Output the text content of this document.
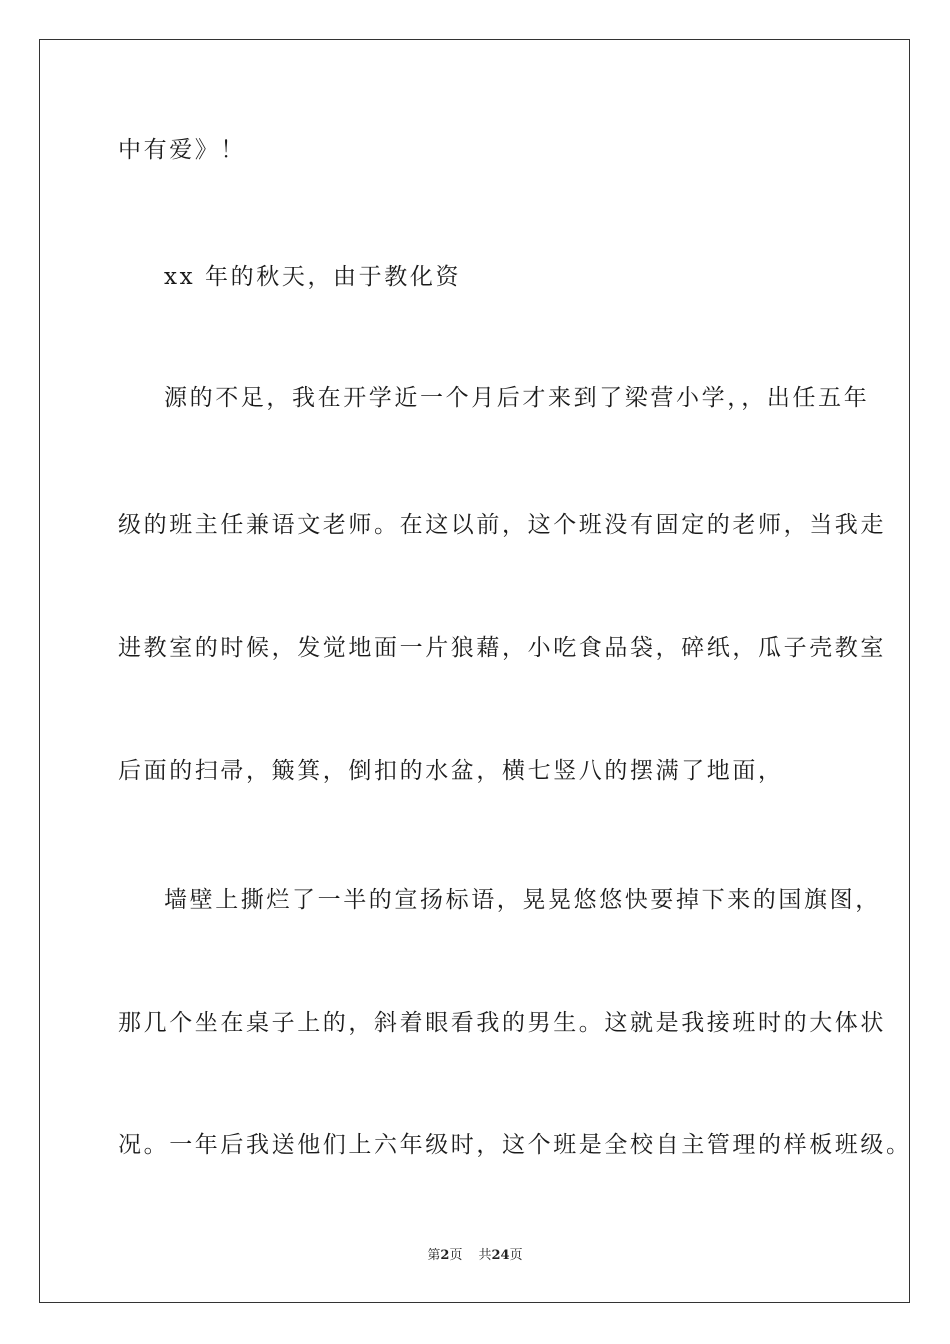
中有爱》！
xx 年的秋天，由于教化资
源的不足，我在开学近一个月后才来到了梁营小学，，出任五年
级的班主任兼语文老师。在这以前，这个班没有固定的老师，当我走
进教室的时候，发觉地面一片狼藉，小吃食品袋，碎纸，瓜子壳教室
后面的扫帚，簸箕，倒扣的水盆，横七竖八的摆满了地面，
墙壁上撕烂了一半的宣扬标语，晃晃悠悠快要掉下来的国旗图，
那几个坐在桌子上的，斜着眼看我的男生。这就是我接班时的大体状
况。一年后我送他们上六年级时，这个班是全校自主管理的样板班级。
第2页 共24页
